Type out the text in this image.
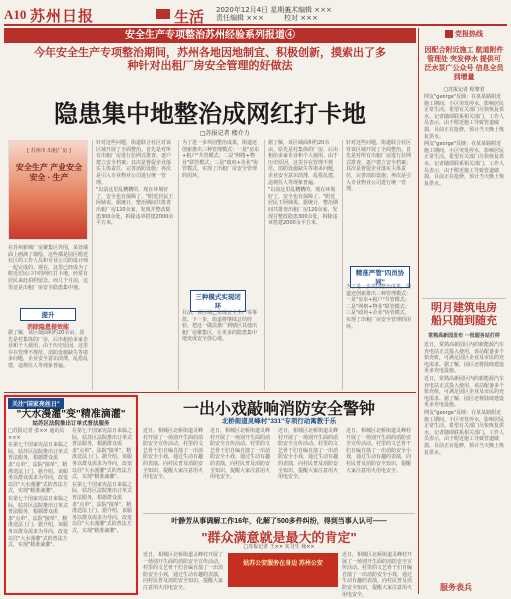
A10 苏州日报	生活 2020年12月4日 星期五
责任编辑 ×××
美术编辑 ×××
校对 ×××
安全生产专项整治苏州经验系列报道④
今年安全生产专项整治期间，苏州各地因地制宜、积极创新，摸索出了多
种针对出租厂房安全管理的好做法
隐患集中地整治成网红打卡地
□苏报记者 楼介力
[ 苏州市 出租厂房 ]
安全生产 产业安全 安全 · 生产

在苏州新城厂房聚集区外围，某处墙面上画满了墙绘，这些都是园区附近社区的工作人员和专业公司的设计师一起完成的。现在，这里已经成为了附近居民口中的网红打卡地，经常有居民来此拍照留念。而几个月前，这里还是出租厂房安全隐患集中地。

提升
消除隐患提效能

据了解，该区域面积约20余亩，原先是村集体的厂房，后出租给多家企业和个人使用。由于历史原因，这里存在管理不规范、消防设施缺失等诸多问题，企业安全意识淡薄，乱搭乱建、违规住人等现象普遍。

针对这些问题，街道联合社区对该区域开展了全面整治。首先是对所有出租厂房进行拉网式排查，逐户建立安全档案；其次是督促企业落实主体责任，完善消防设施；再次是引入专业物业公司进行统一管理。

"以前这里乱糟糟的，现在环境好了，安全也有保障了。"附近居民王阿姨说。据统计，整治期间共排查出租厂房120余家，发现并整改隐患300余处，拆除违章搭建2000余平方米。

为了进一步巩固整治成果，街道还创新推出三种管理模式：一是"房东+租户"共管模式；二是"网格+物业"联管模式；三是"政府+企业"协管模式，实现了出租厂房安全管理的闭环。

三种模式实现闭环

目前，该区域已实现安全生产零事故。下一步，街道将继续总结经验，把这一做法推广到辖区其他出租厂房聚集区，让更多的隐患集中地变成安全放心地。

据了解，该区域面积约20余亩，原先是村集体的厂房，后出租给多家企业和个人使用。由于历史原因，这里存在管理不规范、消防设施缺失等诸多问题，企业安全意识淡薄，乱搭乱建、违规住人等现象普遍。

"以前这里乱糟糟的，现在环境好了，安全也有保障了。"附近居民王阿姨说。据统计，整治期间共排查出租厂房120余家，发现并整改隐患300余处，拆除违章搭建2000余平方米。

针对这些问题，街道联合社区对该区域开展了全面整治。首先是对所有出租厂房进行拉网式排查，逐户建立安全档案；其次是督促企业落实主体责任，完善消防设施；再次是引入专业物业公司进行统一管理。

精准严管"四员协同"

为了进一步巩固整治成果，街道还创新推出三种管理模式：一是"房东+租户"共管模式；二是"网格+物业"联管模式；三是"政府+企业"协管模式，实现了出租厂房安全管理的闭环。

党报热线
因配合附近施工 航道附件管理处 突发停水 提供可泛水泵广公众号 信息全员到增量
□苏报记者 程黎君

网友"george"反映：在某某路附近施工期间，小区突发停水，影响居民正常生活。希望有关部门尽快恢复供水。记者随即联系相关部门，工作人员表示，由于附近施工导致管道破损，目前正在抢修，预计当天晚上恢复供水。

网友"george"反映：在某某路附近施工期间，小区突发停水，影响居民正常生活。希望有关部门尽快恢复供水。记者随即联系相关部门，工作人员表示，由于附近施工导致管道破损，目前正在抢修，预计当天晚上恢复供水。

明月建筑电房 船只随到随充
常熟高新园发布 一批服务站打样

近日，常熟高新园区内的新能源汽车充电站正式投入使用，该站配备多个快充桩，可满足园区企业及市民的充电需求。据了解，园区还将陆续建设更多充电设施。

近日，常熟高新园区内的新能源汽车充电站正式投入使用，该站配备多个快充桩，可满足园区企业及市民的充电需求。据了解，园区还将陆续建设更多充电设施。

网友"george"反映：在某某路附近施工期间，小区突发停水，影响居民正常生活。希望有关部门尽快恢复供水。记者随即联系相关部门，工作人员表示，由于附近施工导致管道破损，目前正在抢修，预计当天晚上恢复供水。

服务表兵
关注"国家亮丝日"
"大水漫灌"变"精准滴灌"
姑苏区法院推出订单式普法服务

□苏报记者 张×× 通讯员 ×××

在第七个国家宪法日来临之际，姑苏区法院推出订单式普法服务，根据群众需求"点单"，法院"接单"，精准送法上门。据介绍，该服务以群众需求为导向，改变以往"大水漫灌"式的普法方式，实现"精准滴灌"。

在第七个国家宪法日来临之际，姑苏区法院推出订单式普法服务，根据群众需求"点单"，法院"接单"，精准送法上门。据介绍，该服务以群众需求为导向，改变以往"大水漫灌"式的普法方式，实现"精准滴灌"。

在第七个国家宪法日来临之际，姑苏区法院推出订单式普法服务，根据群众需求"点单"，法院"接单"，精准送法上门。据介绍，该服务以群众需求为导向，改变以往"大水漫灌"式的普法方式，实现"精准滴灌"。

在第七个国家宪法日来临之际，姑苏区法院推出订单式普法服务，根据群众需求"点单"，法院"接单"，精准送法上门。据介绍，该服务以群众需求为导向，改变以往"大水漫灌"式的普法方式，实现"精准滴灌"。

一出小戏敲响消防安全警钟
北桥街道灵峰村"331"专项行动寓教于乐

近日，相城区北桥街道灵峰村开展了一场别开生面的消防安全宣传活动。村里的文艺骨干们自编自演了一出消防安全小戏，通过生动有趣的表演，向村民普及消防安全知识，提醒大家注意用火用电安全。

近日，相城区北桥街道灵峰村开展了一场别开生面的消防安全宣传活动。村里的文艺骨干们自编自演了一出消防安全小戏，通过生动有趣的表演，向村民普及消防安全知识，提醒大家注意用火用电安全。

近日，相城区北桥街道灵峰村开展了一场别开生面的消防安全宣传活动。村里的文艺骨干们自编自演了一出消防安全小戏，通过生动有趣的表演，向村民普及消防安全知识，提醒大家注意用火用电安全。

近日，相城区北桥街道灵峰村开展了一场别开生面的消防安全宣传活动。村里的文艺骨干们自编自演了一出消防安全小戏，通过生动有趣的表演，向村民普及消防安全知识，提醒大家注意用火用电安全。

叶静芳从事调解工作16年，化解了500多件纠纷，得到当事人认可——
"群众满意就是最大的肯定"
□苏报记者 王×× 实习生 杨××

近日，相城区北桥街道灵峰村开展了一场别开生面的消防安全宣传活动。村里的文艺骨干们自编自演了一出消防安全小戏，通过生动有趣的表演，向村民普及消防安全知识，提醒大家注意用火用电安全。

姑苏公安服务在身边 苏州公安

近日，相城区北桥街道灵峰村开展了一场别开生面的消防安全宣传活动。村里的文艺骨干们自编自演了一出消防安全小戏，通过生动有趣的表演，向村民普及消防安全知识，提醒大家注意用火用电安全。
